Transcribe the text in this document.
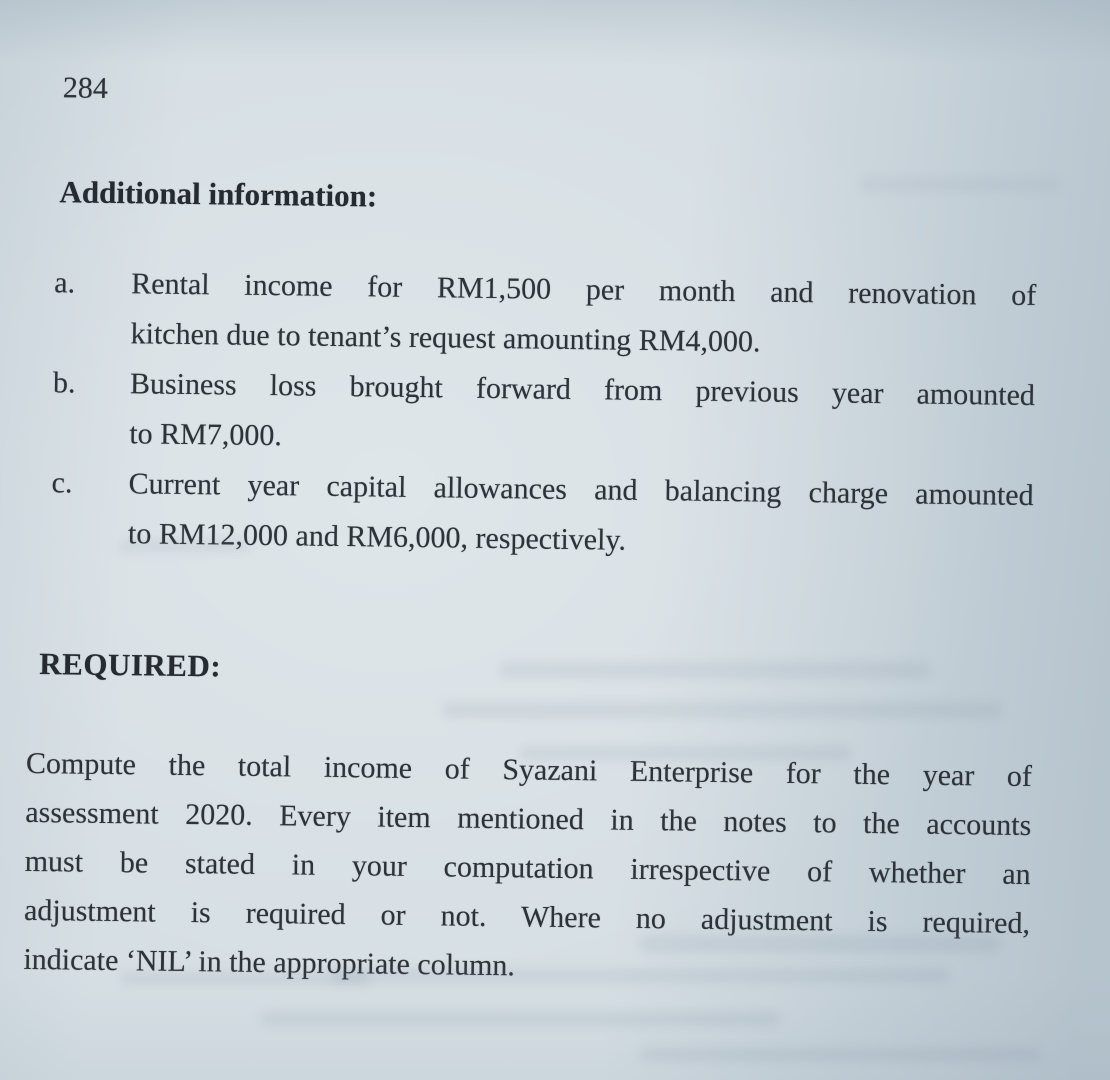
284
Additional information:
a.	Rental income for RM1,500 per month and renovation of
kitchen due to tenant’s request amounting RM4,000.
b.	Business loss brought forward from previous year amounted
to RM7,000.
c.	Current year capital allowances and balancing charge amounted
to RM12,000 and RM6,000, respectively.
REQUIRED:
Compute the total income of Syazani Enterprise for the year of
assessment 2020. Every item mentioned in the notes to the accounts
must be stated in your computation irrespective of whether an
adjustment is required or not. Where no adjustment is required,
indicate ‘NIL’ in the appropriate column.
